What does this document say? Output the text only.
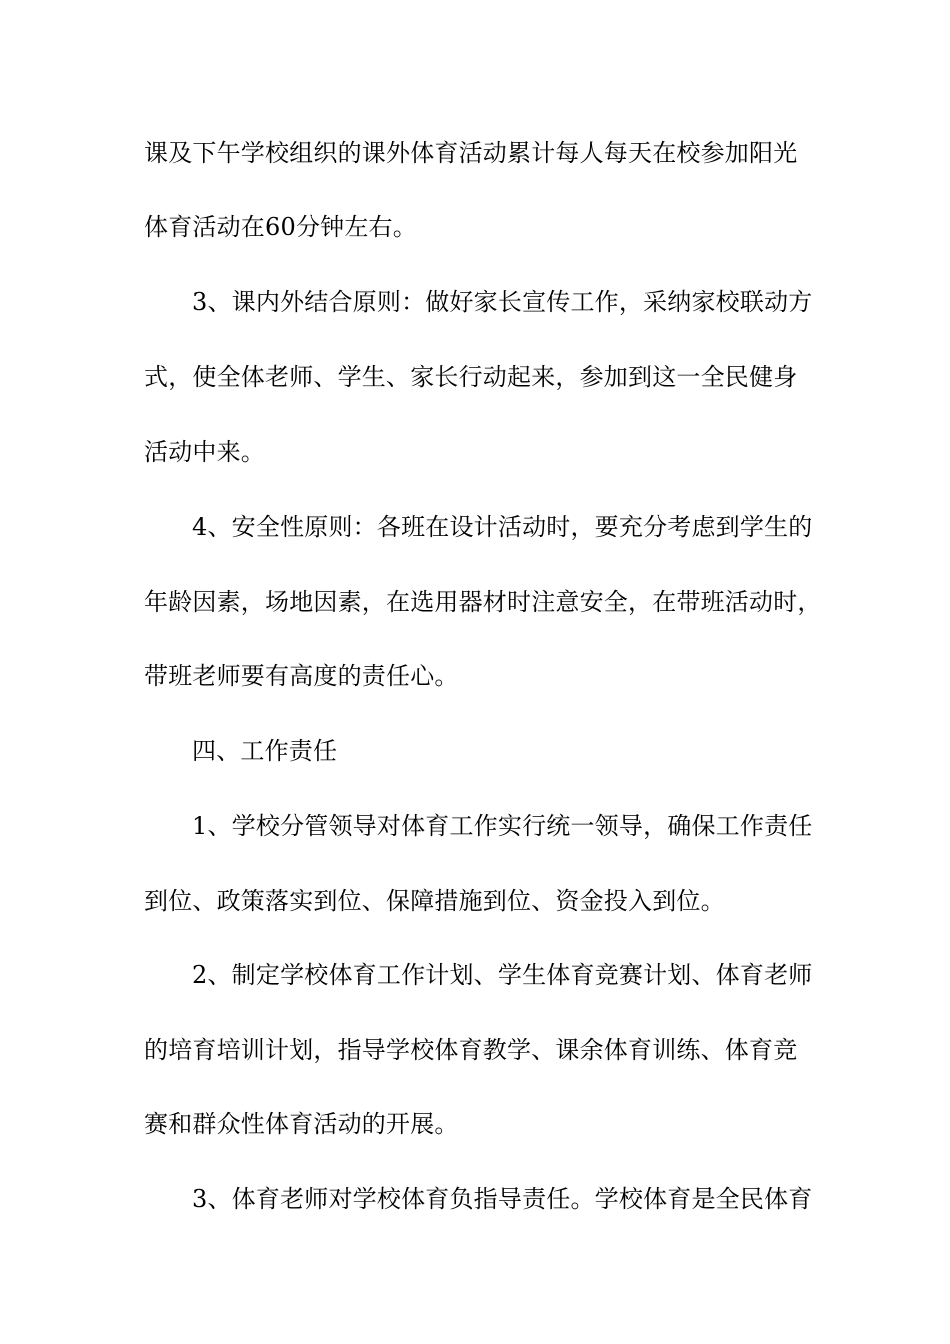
课及下午学校组织的课外体育活动累计每人每天在校参加阳光
体育活动在60分钟左右。
3、课内外结合原则：做好家长宣传工作，采纳家校联动方
式，使全体老师、学生、家长行动起来，参加到这一全民健身
活动中来。
4、安全性原则：各班在设计活动时，要充分考虑到学生的
年龄因素，场地因素，在选用器材时注意安全，在带班活动时，
带班老师要有高度的责任心。
四、工作责任
1、学校分管领导对体育工作实行统一领导，确保工作责任
到位、政策落实到位、保障措施到位、资金投入到位。
2、制定学校体育工作计划、学生体育竞赛计划、体育老师
的培育培训计划，指导学校体育教学、课余体育训练、体育竞
赛和群众性体育活动的开展。
3、体育老师对学校体育负指导责任。学校体育是全民体育
